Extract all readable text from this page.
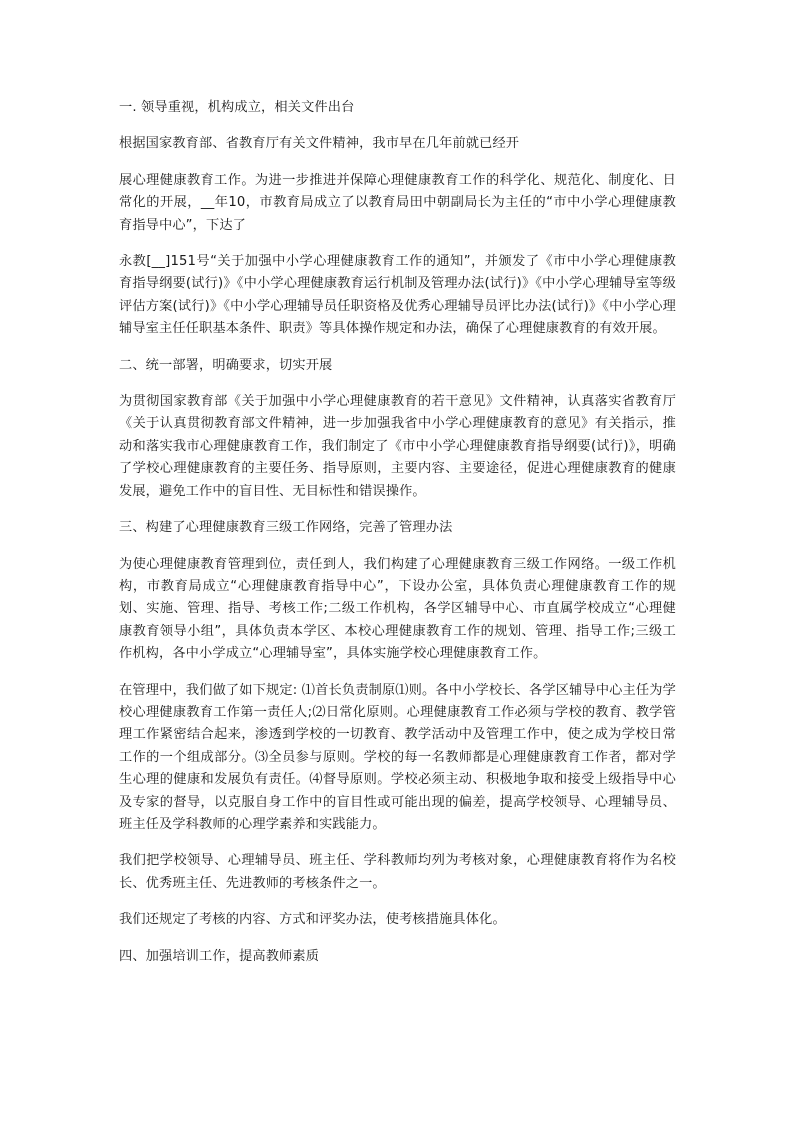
一. 领导重视，机构成立，相关文件出台

根据国家教育部、省教育厅有关文件精神，我市早在几年前就已经开

展心理健康教育工作。为进一步推进并保障心理健康教育工作的科学化、规范化、制度化、日常化的开展，__年10，市教育局成立了以教育局田中朝副局长为主任的“市中小学心理健康教育指导中心”，下达了

永教[__]151号“关于加强中小学心理健康教育工作的通知”，并颁发了《市中小学心理健康教育指导纲要(试行)》《中小学心理健康教育运行机制及管理办法(试行)》《中小学心理辅导室等级评估方案(试行)》《中小学心理辅导员任职资格及优秀心理辅导员评比办法(试行)》《中小学心理辅导室主任任职基本条件、职责》等具体操作规定和办法，确保了心理健康教育的有效开展。

二、统一部署，明确要求，切实开展

为贯彻国家教育部《关于加强中小学心理健康教育的若干意见》文件精神，认真落实省教育厅《关于认真贯彻教育部文件精神，进一步加强我省中小学心理健康教育的意见》有关指示，推动和落实我市心理健康教育工作，我们制定了《市中小学心理健康教育指导纲要(试行)》，明确了学校心理健康教育的主要任务、指导原则，主要内容、主要途径，促进心理健康教育的健康发展，避免工作中的盲目性、无目标性和错误操作。

三、构建了心理健康教育三级工作网络，完善了管理办法

为使心理健康教育管理到位，责任到人，我们构建了心理健康教育三级工作网络。一级工作机构，市教育局成立“心理健康教育指导中心”，下设办公室，具体负责心理健康教育工作的规划、实施、管理、指导、考核工作;二级工作机构，各学区辅导中心、市直属学校成立“心理健康教育领导小组”，具体负责本学区、本校心理健康教育工作的规划、管理、指导工作;三级工作机构，各中小学成立“心理辅导室”，具体实施学校心理健康教育工作。

在管理中，我们做了如下规定: ⑴首长负责制原⑴则。各中小学校长、各学区辅导中心主任为学校心理健康教育工作第一责任人;⑵日常化原则。心理健康教育工作必须与学校的教育、教学管理工作紧密结合起来，渗透到学校的一切教育、教学活动中及管理工作中，使之成为学校日常工作的一个组成部分。⑶全员参与原则。学校的每一名教师都是心理健康教育工作者，都对学生心理的健康和发展负有责任。⑷督导原则。学校必须主动、积极地争取和接受上级指导中心及专家的督导，以克服自身工作中的盲目性或可能出现的偏差，提高学校领导、心理辅导员、班主任及学科教师的心理学素养和实践能力。

我们把学校领导、心理辅导员、班主任、学科教师均列为考核对象，心理健康教育将作为名校长、优秀班主任、先进教师的考核条件之一。

我们还规定了考核的内容、方式和评奖办法，使考核措施具体化。

四、加强培训工作，提高教师素质
